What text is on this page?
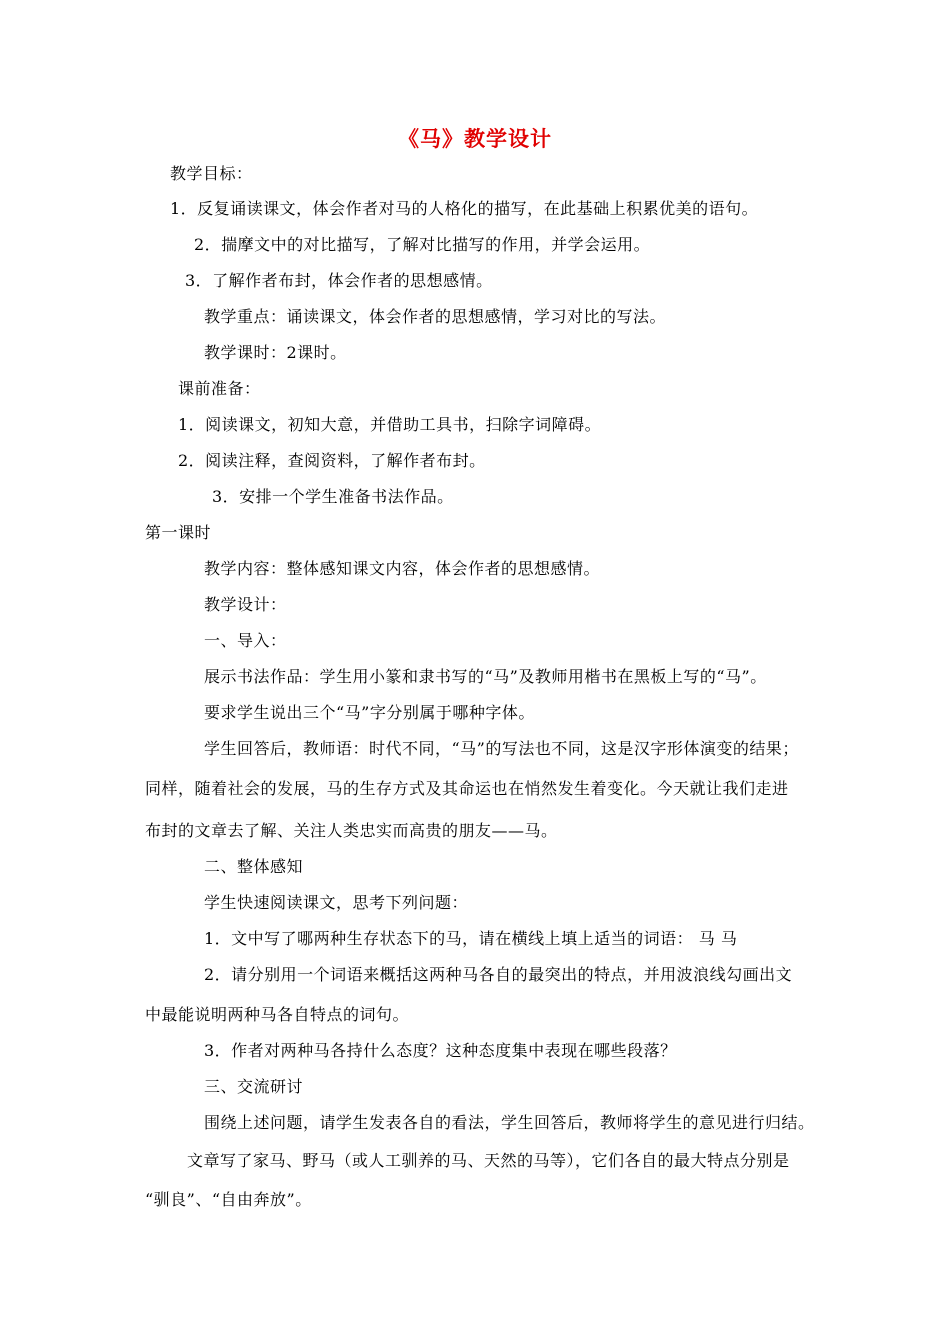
《马》教学设计
教学目标：
1．反复诵读课文，体会作者对马的人格化的描写，在此基础上积累优美的语句。
2．揣摩文中的对比描写，了解对比描写的作用，并学会运用。
3．了解作者布封，体会作者的思想感情。
教学重点：诵读课文，体会作者的思想感情，学习对比的写法。
教学课时：2课时。
课前准备：
1．阅读课文，初知大意，并借助工具书，扫除字词障碍。
2．阅读注释，查阅资料，了解作者布封。
3．安排一个学生准备书法作品。
第一课时
教学内容：整体感知课文内容，体会作者的思想感情。
教学设计：
一、导入：
展示书法作品：学生用小篆和隶书写的“马”及教师用楷书在黑板上写的“马”。
要求学生说出三个“马”字分别属于哪种字体。
学生回答后，教师语：时代不同，“马”的写法也不同，这是汉字形体演变的结果；
同样，随着社会的发展，马的生存方式及其命运也在悄然发生着变化。今天就让我们走进
布封的文章去了解、关注人类忠实而高贵的朋友——马。
二、整体感知
学生快速阅读课文，思考下列问题：
1．文中写了哪两种生存状态下的马，请在横线上填上适当的词语： 马 马
2．请分别用一个词语来概括这两种马各自的最突出的特点，并用波浪线勾画出文
中最能说明两种马各自特点的词句。
3．作者对两种马各持什么态度？这种态度集中表现在哪些段落？
三、交流研讨
围绕上述问题，请学生发表各自的看法，学生回答后，教师将学生的意见进行归结。
文章写了家马、野马（或人工驯养的马、天然的马等），它们各自的最大特点分别是
“驯良”、“自由奔放”。
